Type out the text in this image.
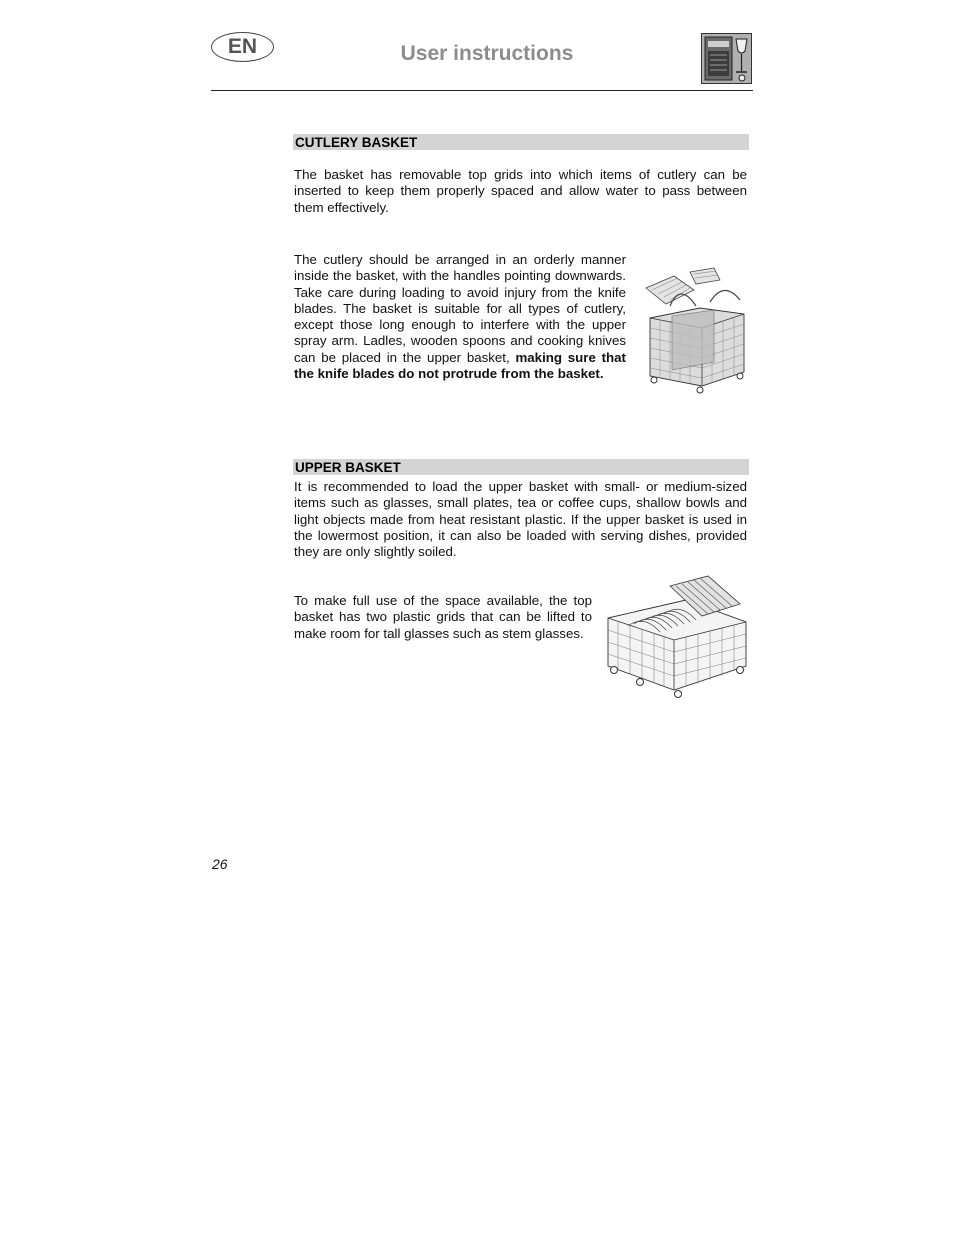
EN	User instructions
CUTLERY BASKET

The basket has removable top grids into which items of cutlery can be inserted to keep them properly spaced and allow water to pass between them effectively.

The cutlery should be arranged in an orderly manner inside the basket, with the handles pointing downwards. Take care during loading to avoid injury from the knife blades. The basket is suitable for all types of cutlery, except those long enough to interfere with the upper spray arm. Ladles, wooden spoons and cooking knives can be placed in the upper basket, making sure that the knife blades do not protrude from the basket.

UPPER BASKET

It is recommended to load the upper basket with small- or medium-sized items such as glasses, small plates, tea or coffee cups, shallow bowls and light objects made from heat resistant plastic. If the upper basket is used in the lowermost position, it can also be loaded with serving dishes, provided they are only slightly soiled.

To make full use of the space available, the top basket has two plastic grids that can be lifted to make room for tall glasses such as stem glasses.

26
